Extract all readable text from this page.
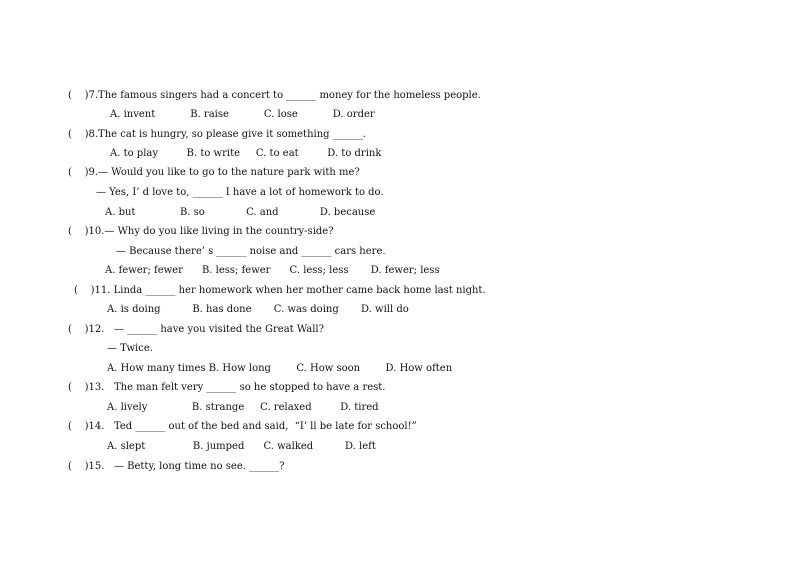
(    )7.The famous singers had a concert to ______ money for the homeless people.
A. invent           B. raise           C. lose           D. order
(    )8.The cat is hungry, so please give it something ______.
A. to play         B. to write     C. to eat         D. to drink
(    )9.— Would you like to go to the nature park with me?
— Yes, I’ d love to, ______ I have a lot of homework to do.
A. but              B. so             C. and             D. because
(    )10.— Why do you like living in the country-side?
— Because there’ s ______ noise and ______ cars here.
A. fewer; fewer      B. less; fewer      C. less; less       D. fewer; less
(    )11. Linda ______ her homework when her mother came back home last night.
A. is doing          B. has done       C. was doing       D. will do
(    )12.   — ______ have you visited the Great Wall?
— Twice.
A. How many times B. How long        C. How soon        D. How often
(    )13.   The man felt very ______ so he stopped to have a rest.
A. lively              B. strange     C. relaxed         D. tired
(    )14.   Ted ______ out of the bed and said,  “I’ ll be late for school!”
A. slept               B. jumped      C. walked          D. left
(    )15.   — Betty, long time no see. ______?
